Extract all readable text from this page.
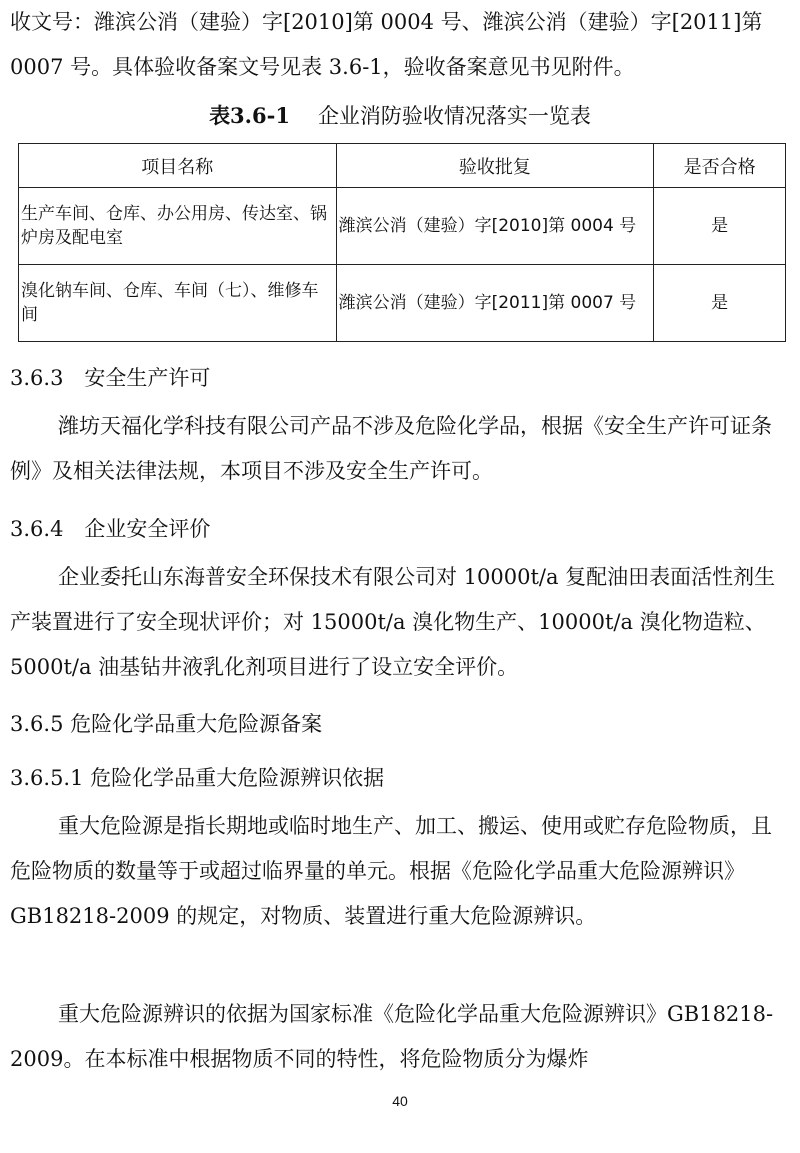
收文号：潍滨公消（建验）字[2010]第 0004 号、潍滨公消（建验）字[2011]第 0007 号。具体验收备案文号见表 3.6-1，验收备案意见书见附件。
表3.6-1 企业消防验收情况落实一览表
项目名称	验收批复	是否合格
生产车间、仓库、办公用房、传达室、锅炉房及配电室	潍滨公消（建验）字[2010]第 0004 号	是
溴化钠车间、仓库、车间（七）、维修车间	潍滨公消（建验）字[2011]第 0007 号	是
3.6.3　安全生产许可
潍坊天福化学科技有限公司产品不涉及危险化学品，根据《安全生产许可证条例》及相关法律法规，本项目不涉及安全生产许可。
3.6.4　企业安全评价
企业委托山东海普安全环保技术有限公司对 10000t/a 复配油田表面活性剂生产装置进行了安全现状评价；对 15000t/a 溴化物生产、10000t/a 溴化物造粒、5000t/a 油基钻井液乳化剂项目进行了设立安全评价。
3.6.5 危险化学品重大危险源备案
3.6.5.1 危险化学品重大危险源辨识依据
重大危险源是指长期地或临时地生产、加工、搬运、使用或贮存危险物质，且危险物质的数量等于或超过临界量的单元。根据《危险化学品重大危险源辨识》GB18218-2009 的规定，对物质、装置进行重大危险源辨识。
重大危险源辨识的依据为国家标准《危险化学品重大危险源辨识》GB18218-2009。在本标准中根据物质不同的特性，将危险物质分为爆炸
40
